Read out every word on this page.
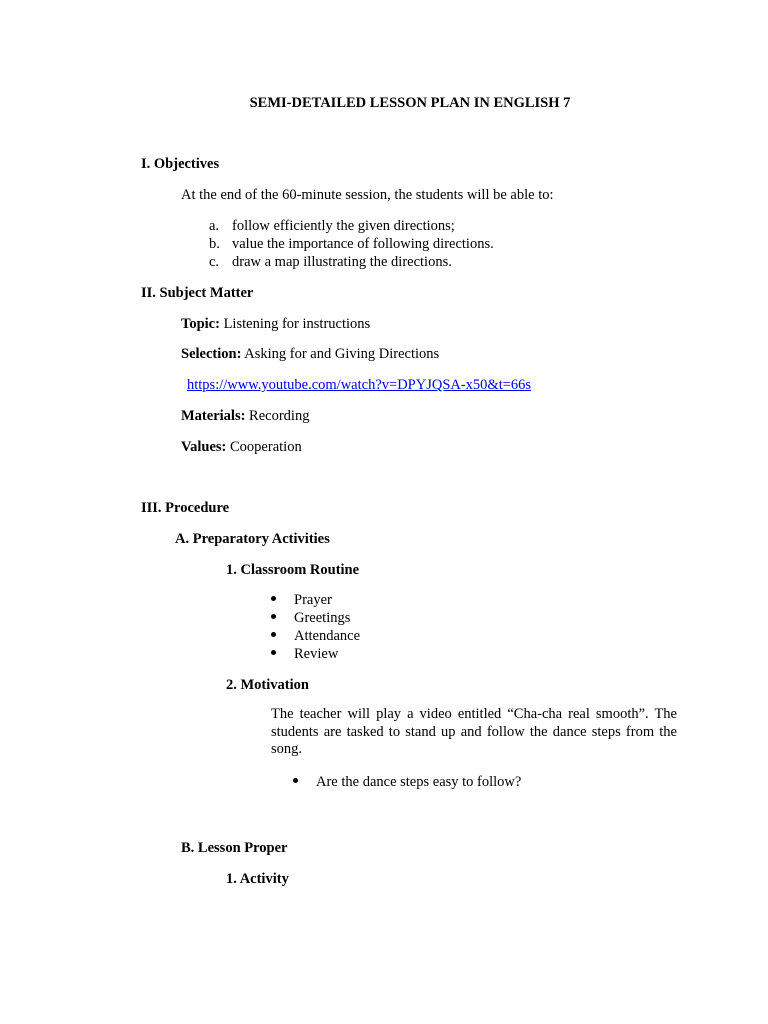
SEMI-DETAILED LESSON PLAN IN ENGLISH 7
I. Objectives
At the end of the 60-minute session, the students will be able to:
a. follow efficiently the given directions;
b. value the importance of following directions.
c. draw a map illustrating the directions.
II. Subject Matter
Topic: Listening for instructions
Selection: Asking for and Giving Directions
https://www.youtube.com/watch?v=DPYJQSA-x50&t=66s
Materials: Recording
Values: Cooperation
III. Procedure
A. Preparatory Activities
1. Classroom Routine
Prayer
Greetings
Attendance
Review
2. Motivation
The teacher will play a video entitled “Cha-cha real smooth”. The students are tasked to stand up and follow the dance steps from the song.
Are the dance steps easy to follow?
B. Lesson Proper
1. Activity
